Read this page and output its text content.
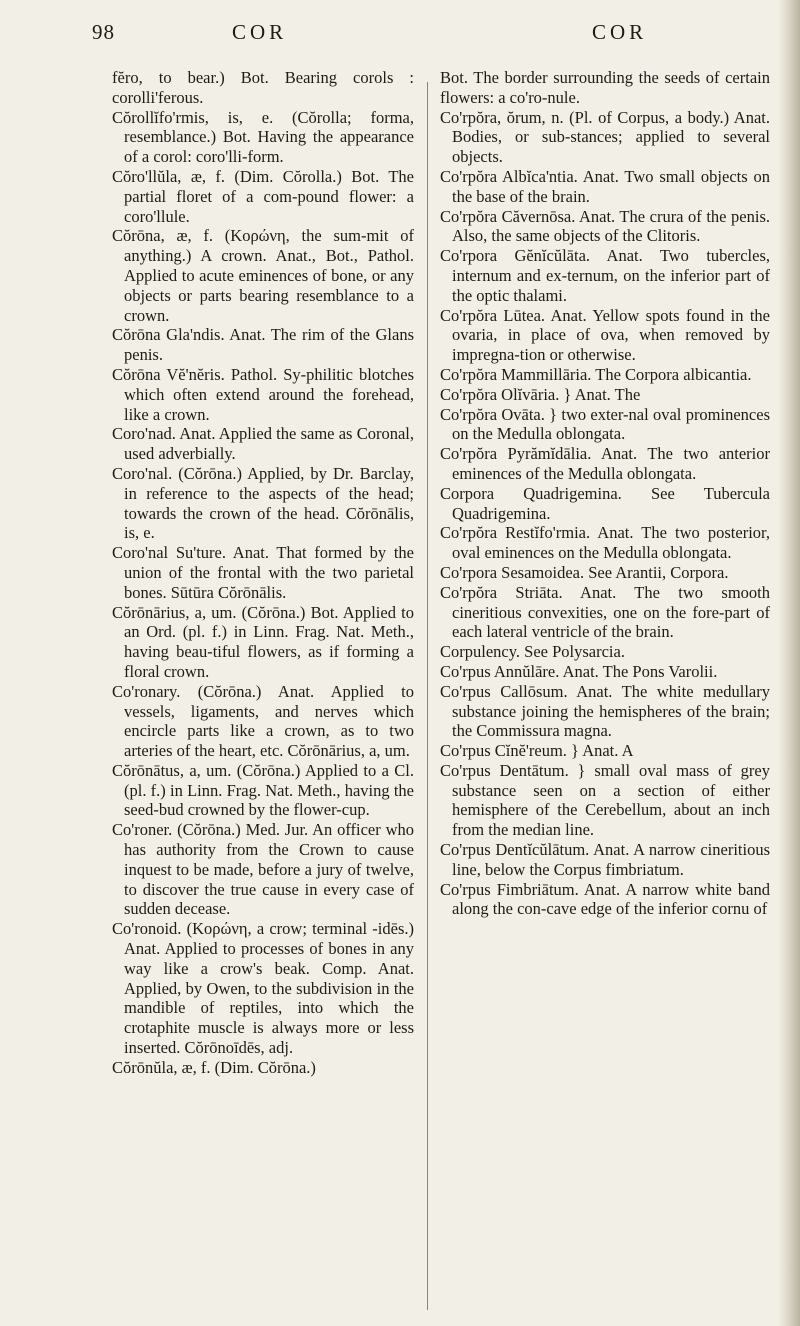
98	COR	COR

fĕro, to bear.) Bot. Bearing corols : corolli'ferous.

Cŏrollĭfo'rmis, is, e. (Cŏrolla; forma, resemblance.) Bot. Having the appearance of a corol: coro'lli-form.

Cŏro'llŭla, æ, f. (Dim. Cŏrolla.) Bot. The partial floret of a com-pound flower: a coro'llule.

Cŏrōna, æ, f. (Κορώνη, the sum-mit of anything.) A crown. Anat., Bot., Pathol. Applied to acute eminences of bone, or any objects or parts bearing resemblance to a crown.

Cŏrōna Gla'ndis. Anat. The rim of the Glans penis.

Cŏrōna Vĕ'nĕris. Pathol. Sy-philitic blotches which often extend around the forehead, like a crown.

Coro'nad. Anat. Applied the same as Coronal, used adverbially.

Coro'nal. (Cŏrōna.) Applied, by Dr. Barclay, in reference to the aspects of the head; towards the crown of the head. Cŏrōnālis, is, e.

Coro'nal Su'ture. Anat. That formed by the union of the frontal with the two parietal bones. Sūtūra Cŏrōnālis.

Cŏrōnārius, a, um. (Cŏrōna.) Bot. Applied to an Ord. (pl. f.) in Linn. Frag. Nat. Meth., having beau-tiful flowers, as if forming a floral crown.

Co'ronary. (Cŏrōna.) Anat. Applied to vessels, ligaments, and nerves which encircle parts like a crown, as to two arteries of the heart, etc. Cŏrōnārius, a, um.

Cŏrōnātus, a, um. (Cŏrōna.) Applied to a Cl. (pl. f.) in Linn. Frag. Nat. Meth., having the seed-bud crowned by the flower-cup.

Co'roner. (Cŏrōna.) Med. Jur. An officer who has authority from the Crown to cause inquest to be made, before a jury of twelve, to discover the true cause in every case of sudden decease.

Co'ronoid. (Κορώνη, a crow; terminal -idēs.) Anat. Applied to processes of bones in any way like a crow's beak. Comp. Anat. Applied, by Owen, to the subdivision in the mandible of reptiles, into which the crotaphite muscle is always more or less inserted. Cŏrōnoīdēs, adj.

Cŏrōnŭla, æ, f. (Dim. Cŏrōna.)

Bot. The border surrounding the seeds of certain flowers: a co'ro-nule.

Co'rpŏra, ŏrum, n. (Pl. of Corpus, a body.) Anat. Bodies, or sub-stances; applied to several objects.

Co'rpŏra Albĭca'ntia. Anat. Two small objects on the base of the brain.

Co'rpŏra Căvernōsa. Anat. The crura of the penis. Also, the same objects of the Clitoris.

Co'rpora Gĕnĭcŭlāta. Anat. Two tubercles, internum and ex-ternum, on the inferior part of the optic thalami.

Co'rpŏra Lūtea. Anat. Yellow spots found in the ovaria, in place of ova, when removed by impregna-tion or otherwise.

Co'rpŏra Mammillāria. The Corpora albicantia.

Co'rpŏra Olĭvāria. } Anat. The

Co'rpŏra Ovāta. } two exter-nal oval prominences on the Medulla oblongata.

Co'rpŏra Pyrămĭdālia. Anat. The two anterior eminences of the Medulla oblongata.

Corpora Quadrigemina. See Tubercula Quadrigemina.

Co'rpŏra Restĭfo'rmia. Anat. The two posterior, oval eminences on the Medulla oblongata.

Co'rpora Sesamoidea. See Arantii, Corpora.

Co'rpŏra Striāta. Anat. The two smooth cineritious convexities, one on the fore-part of each lateral ventricle of the brain.

Corpulency. See Polysarcia.

Co'rpus Annŭlāre. Anat. The Pons Varolii.

Co'rpus Callōsum. Anat. The white medullary substance joining the hemispheres of the brain; the Commissura magna.

Co'rpus Cĭnĕ'reum. } Anat. A

Co'rpus Dentātum. } small oval mass of grey substance seen on a section of either hemisphere of the Cerebellum, about an inch from the median line.

Co'rpus Dentĭcŭlātum. Anat. A narrow cineritious line, below the Corpus fimbriatum.

Co'rpus Fimbriātum. Anat. A narrow white band along the con-cave edge of the inferior cornu of
